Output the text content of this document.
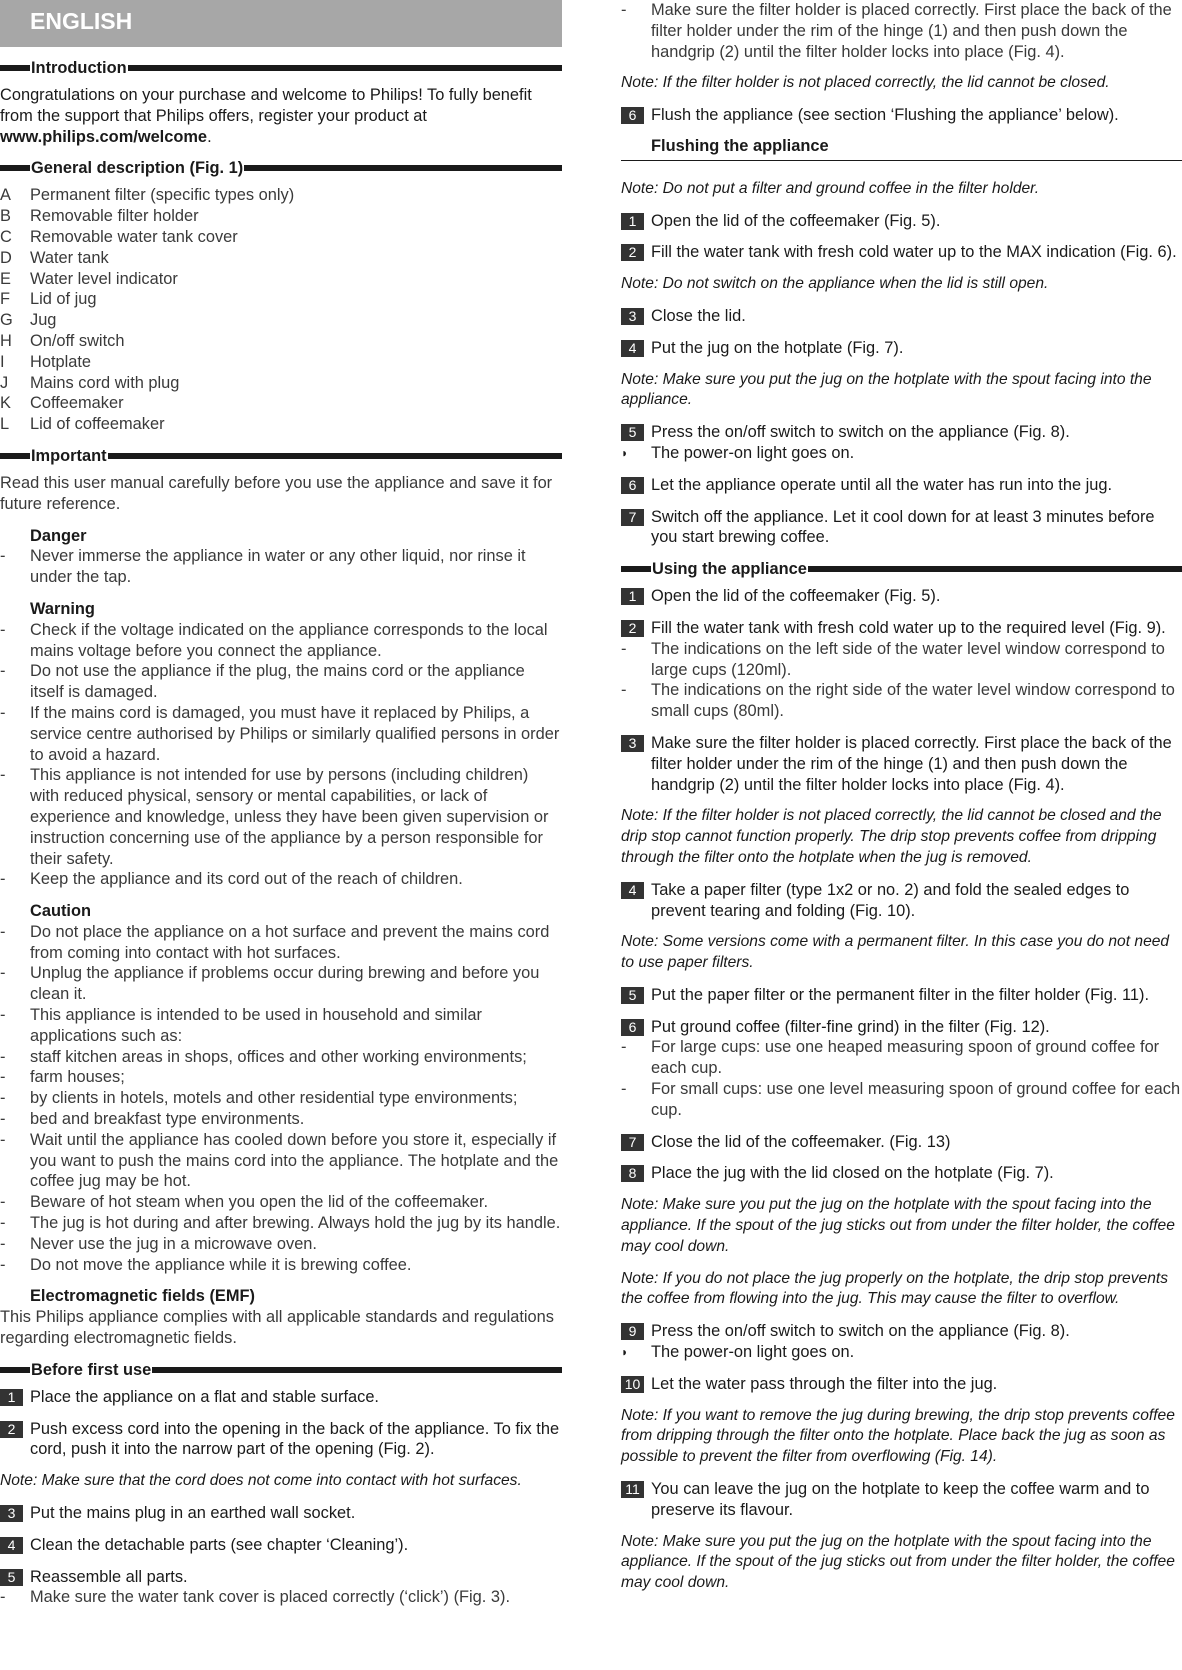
ENGLISH
Introduction

Congratulations on your purchase and welcome to Philips! To fully benefit from the support that Philips offers, register your product at www.philips.com/welcome.

General description (Fig. 1)
A	Permanent filter (specific types only)
B	Removable filter holder
C	Removable water tank cover
D	Water tank
E	Water level indicator
F	Lid of jug
G	Jug
H	On/off switch
I	Hotplate
J	Mains cord with plug
K	Coffeemaker
L	Lid of coffeemaker
Important

Read this user manual carefully before you use the appliance and save it for future reference.

Danger
-	Never immerse the appliance in water or any other liquid, nor rinse it under the tap.
Warning
-	Check if the voltage indicated on the appliance corresponds to the local mains voltage before you connect the appliance.
-	Do not use the appliance if the plug, the mains cord or the appliance itself is damaged.
-	If the mains cord is damaged, you must have it replaced by Philips, a service centre authorised by Philips or similarly qualified persons in order to avoid a hazard.
-	This appliance is not intended for use by persons (including children) with reduced physical, sensory or mental capabilities, or lack of experience and knowledge, unless they have been given supervision or instruction concerning use of the appliance by a person responsible for their safety.
-	Keep the appliance and its cord out of the reach of children.
Caution
-	Do not place the appliance on a hot surface and prevent the mains cord from coming into contact with hot surfaces.
-	Unplug the appliance if problems occur during brewing and before you clean it.
-	This appliance is intended to be used in household and similar applications such as:
-	staff kitchen areas in shops, offices and other working environments;
-	farm houses;
-	by clients in hotels, motels and other residential type environments;
-	bed and breakfast type environments.
-	Wait until the appliance has cooled down before you store it, especially if you want to push the mains cord into the appliance. The hotplate and the coffee jug may be hot.
-	Beware of hot steam when you open the lid of the coffeemaker.
-	The jug is hot during and after brewing. Always hold the jug by its handle.
-	Never use the jug in a microwave oven.
-	Do not move the appliance while it is brewing coffee.
Electromagnetic fields (EMF)

This Philips appliance complies with all applicable standards and regulations regarding electromagnetic fields.

Before first use
1 Place the appliance on a flat and stable surface.
2 Push excess cord into the opening in the back of the appliance. To fix the cord, push it into the narrow part of the opening (Fig. 2).

Note: Make sure that the cord does not come into contact with hot surfaces.

3 Put the mains plug in an earthed wall socket.
4 Clean the detachable parts (see chapter ‘Cleaning’).
5 Reassemble all parts.
-	Make sure the water tank cover is placed correctly (‘click’) (Fig. 3).
-	Make sure the filter holder is placed correctly. First place the back of the filter holder under the rim of the hinge (1) and then push down the handgrip (2) until the filter holder locks into place (Fig. 4).

Note: If the filter holder is not placed correctly, the lid cannot be closed.

6 Flush the appliance (see section ‘Flushing the appliance’ below).
Flushing the appliance

Note: Do not put a filter and ground coffee in the filter holder.

1 Open the lid of the coffeemaker (Fig. 5).
2 Fill the water tank with fresh cold water up to the MAX indication (Fig. 6).

Note: Do not switch on the appliance when the lid is still open.

3 Close the lid.
4 Put the jug on the hotplate (Fig. 7).

Note: Make sure you put the jug on the hotplate with the spout facing into the appliance.

5 Press the on/off switch to switch on the appliance (Fig. 8).
◗	The power-on light goes on.
6 Let the appliance operate until all the water has run into the jug.
7 Switch off the appliance. Let it cool down for at least 3 minutes before you start brewing coffee.
Using the appliance
1 Open the lid of the coffeemaker (Fig. 5).
2 Fill the water tank with fresh cold water up to the required level (Fig. 9).
-	The indications on the left side of the water level window correspond to large cups (120ml).
-	The indications on the right side of the water level window correspond to small cups (80ml).
3 Make sure the filter holder is placed correctly. First place the back of the filter holder under the rim of the hinge (1) and then push down the handgrip (2) until the filter holder locks into place (Fig. 4).

Note: If the filter holder is not placed correctly, the lid cannot be closed and the drip stop cannot function properly. The drip stop prevents coffee from dripping through the filter onto the hotplate when the jug is removed.

4 Take a paper filter (type 1x2 or no. 2) and fold the sealed edges to prevent tearing and folding (Fig. 10).

Note: Some versions come with a permanent filter. In this case you do not need to use paper filters.

5 Put the paper filter or the permanent filter in the filter holder (Fig. 11).
6 Put ground coffee (filter-fine grind) in the filter (Fig. 12).
-	For large cups: use one heaped measuring spoon of ground coffee for each cup.
-	For small cups: use one level measuring spoon of ground coffee for each cup.
7 Close the lid of the coffeemaker. (Fig. 13)
8 Place the jug with the lid closed on the hotplate (Fig. 7).

Note: Make sure you put the jug on the hotplate with the spout facing into the appliance. If the spout of the jug sticks out from under the filter holder, the coffee may cool down.

Note: If you do not place the jug properly on the hotplate, the drip stop prevents the coffee from flowing into the jug. This may cause the filter to overflow.

9 Press the on/off switch to switch on the appliance (Fig. 8).
◗	The power-on light goes on.
10 Let the water pass through the filter into the jug.

Note: If you want to remove the jug during brewing, the drip stop prevents coffee from dripping through the filter onto the hotplate. Place back the jug as soon as possible to prevent the filter from overflowing (Fig. 14).

11 You can leave the jug on the hotplate to keep the coffee warm and to preserve its flavour.

Note: Make sure you put the jug on the hotplate with the spout facing into the appliance. If the spout of the jug sticks out from under the filter holder, the coffee may cool down.
